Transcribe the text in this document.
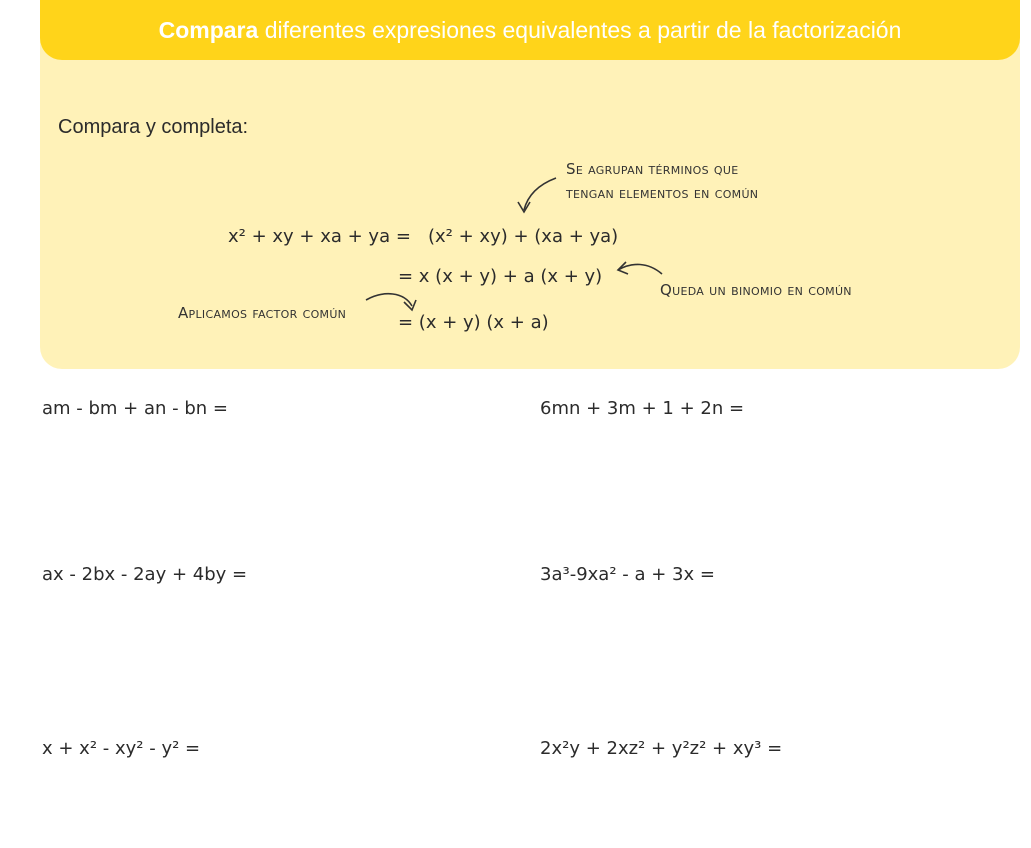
Compara diferentes expresiones equivalentes a partir de la factorización
Compara y completa:
Se agrupan términos que
tengan elementos en común
Queda un binomio en común
Aplicamos factor común
x² + xy + xa + ya = (x² + xy) + (xa + ya)
= x (x + y) + a (x + y)
= (x + y) (x + a)
am - bm + an - bn =	6mn + 3m + 1 + 2n =
ax - 2bx - 2ay + 4by =	3a³-9xa² - a + 3x =
x + x² - xy² - y² =	2x²y + 2xz² + y²z² + xy³ =
